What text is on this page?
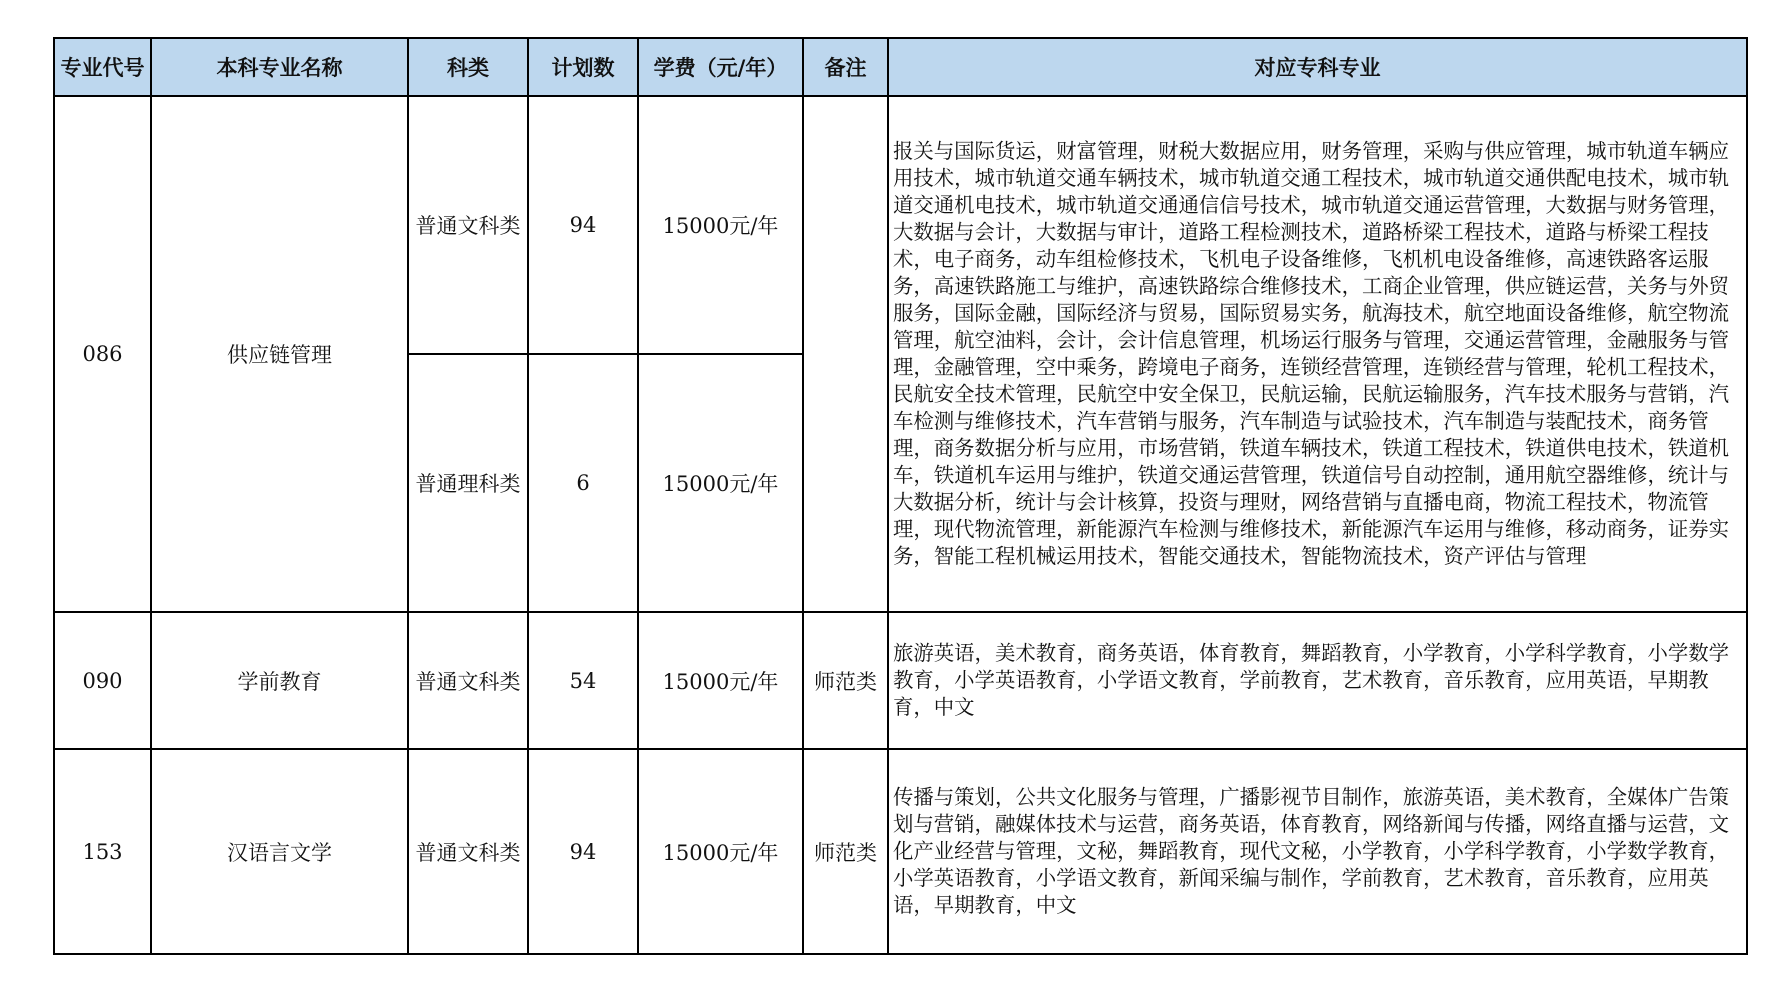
专业代号	本科专业名称	科类	计划数	学费（元/年）	备注	对应专科专业
086	供应链管理	普通文科类	94	15000元/年		报关与国际货运，财富管理，财税大数据应用，财务管理，采购与供应管理，城市轨道车辆应用技术，城市轨道交通车辆技术，城市轨道交通工程技术，城市轨道交通供配电技术，城市轨道交通机电技术，城市轨道交通通信信号技术，城市轨道交通运营管理，大数据与财务管理，大数据与会计，大数据与审计，道路工程检测技术，道路桥梁工程技术，道路与桥梁工程技术，电子商务，动车组检修技术，飞机电子设备维修，飞机机电设备维修，高速铁路客运服务，高速铁路施工与维护，高速铁路综合维修技术，工商企业管理，供应链运营，关务与外贸服务，国际金融，国际经济与贸易，国际贸易实务，航海技术，航空地面设备维修，航空物流管理，航空油料，会计，会计信息管理，机场运行服务与管理，交通运营管理，金融服务与管理，金融管理，空中乘务，跨境电子商务，连锁经营管理，连锁经营与管理，轮机工程技术，民航安全技术管理，民航空中安全保卫，民航运输，民航运输服务，汽车技术服务与营销，汽车检测与维修技术，汽车营销与服务，汽车制造与试验技术，汽车制造与装配技术，商务管理，商务数据分析与应用，市场营销，铁道车辆技术，铁道工程技术，铁道供电技术，铁道机车，铁道机车运用与维护，铁道交通运营管理，铁道信号自动控制，通用航空器维修，统计与大数据分析，统计与会计核算，投资与理财，网络营销与直播电商，物流工程技术，物流管理，现代物流管理，新能源汽车检测与维修技术，新能源汽车运用与维修，移动商务，证券实务，智能工程机械运用技术，智能交通技术，智能物流技术，资产评估与管理
		普通理科类	6	15000元/年		
090	学前教育	普通文科类	54	15000元/年	师范类	旅游英语，美术教育，商务英语，体育教育，舞蹈教育，小学教育，小学科学教育，小学数学教育，小学英语教育，小学语文教育，学前教育，艺术教育，音乐教育，应用英语，早期教育，中文
153	汉语言文学	普通文科类	94	15000元/年	师范类	传播与策划，公共文化服务与管理，广播影视节目制作，旅游英语，美术教育，全媒体广告策划与营销，融媒体技术与运营，商务英语，体育教育，网络新闻与传播，网络直播与运营，文化产业经营与管理，文秘，舞蹈教育，现代文秘，小学教育，小学科学教育，小学数学教育，小学英语教育，小学语文教育，新闻采编与制作，学前教育，艺术教育，音乐教育，应用英语，早期教育，中文
